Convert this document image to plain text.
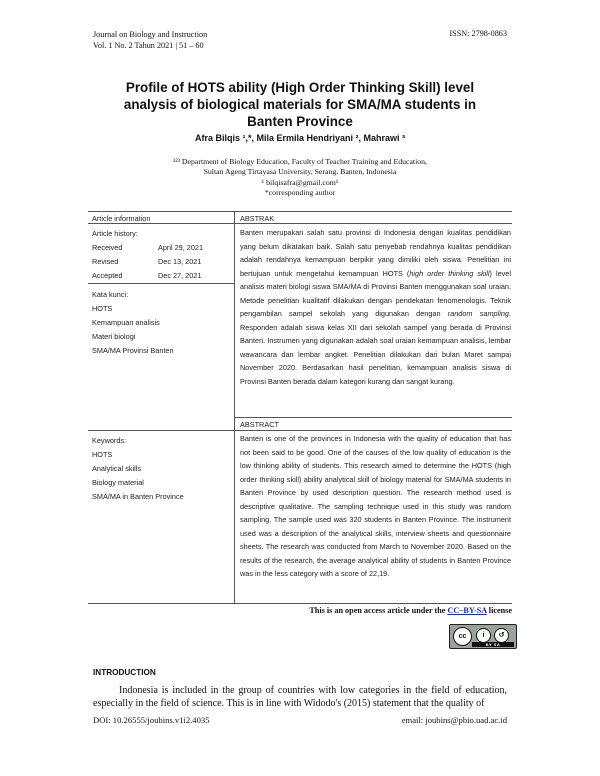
Journal on Biology and Instruction
Vol. 1 No. 2 Tahun 2021 | 51 – 60
ISSN: 2798-0863
Profile of HOTS ability (High Order Thinking Skill) level analysis of biological materials for SMA/MA students in Banten Province
Afra Bilqis ¹,*, Mila Ermila Hendriyani ², Mahrawi ³
¹²³ Department of Biology Education, Faculty of Teacher Training and Education,
Sultan Ageng Tirtayasa University, Serang, Banten, Indonesia
¹ bilqisafra@gmail.com¹
*corresponding author
Article information
Article history:
Received	April 29, 2021
Revised	Dec 13, 2021
Accepted	Dec 27, 2021
Kata kunci:
HOTS
Kemampuan analisis
Materi biologi
SMA/MA Provinsi Banten
Keywords:
HOTS
Analytical skills
Biology material
SMA/MA in Banten Province
ABSTRAK
Banten merupakan salah satu provinsi di Indonesia dengan kualitas pendidikan yang belum dikatakan baik. Salah satu penyebab rendahnya kualitas pendidikan adalah rendahnya kemampuan berpikir yang dimiliki oleh siswa. Penelitian ini bertujuan untuk mengetahui kemampuan HOTS (high order thinking skill) level analisis materi biologi siswa SMA/MA di Provinsi Banten menggunakan soal uraian. Metode penelitian kualitatif dilakukan dengan pendekatan fenomenologis. Teknik pengambilan sampel sekolah yang digunakan dengan random sampling. Responden adalah siswa kelas XII dari sekolah sampel yang berada di Provinsi Banten. Instrumen yang digunakan adalah soal uraian kemampuan analisis, lembar wawancara dan lembar angket. Penelitian dilakukan dari bulan Maret sampai November 2020. Berdasarkan hasil penelitian, kemampuan analisis siswa di Provinsi Banten berada dalam kategori kurang dan sangat kurang.
ABSTRACT
Banten is one of the provinces in Indonesia with the quality of education that has not been said to be good. One of the causes of the low quality of education is the low thinking ability of students. This research aimed to determine the HOTS (high order thinking skill) ability analytical skill of biology material for SMA/MA students in Banten Province by used description question. The research method used is descriptive qualitative. The sampling technique used in this study was random sampling. The sample used was 320 students in Banten Province. The instrument used was a description of the analytical skills, interview sheets and questionnaire sheets. The research was conducted from March to November 2020. Based on the results of the research, the average analytical ability of students in Banten Province was in the less category with a score of 22,19.
This is an open access article under the CC–BY-SA license
cc	i	↺
BY SA
INTRODUCTION
Indonesia is included in the group of countries with low categories in the field of education, especially in the field of science. This is in line with Widodo's (2015) statement that the quality of
DOI: 10.26555/joubins.v1i2.4035	email: joubins@pbio.uad.ac.id
